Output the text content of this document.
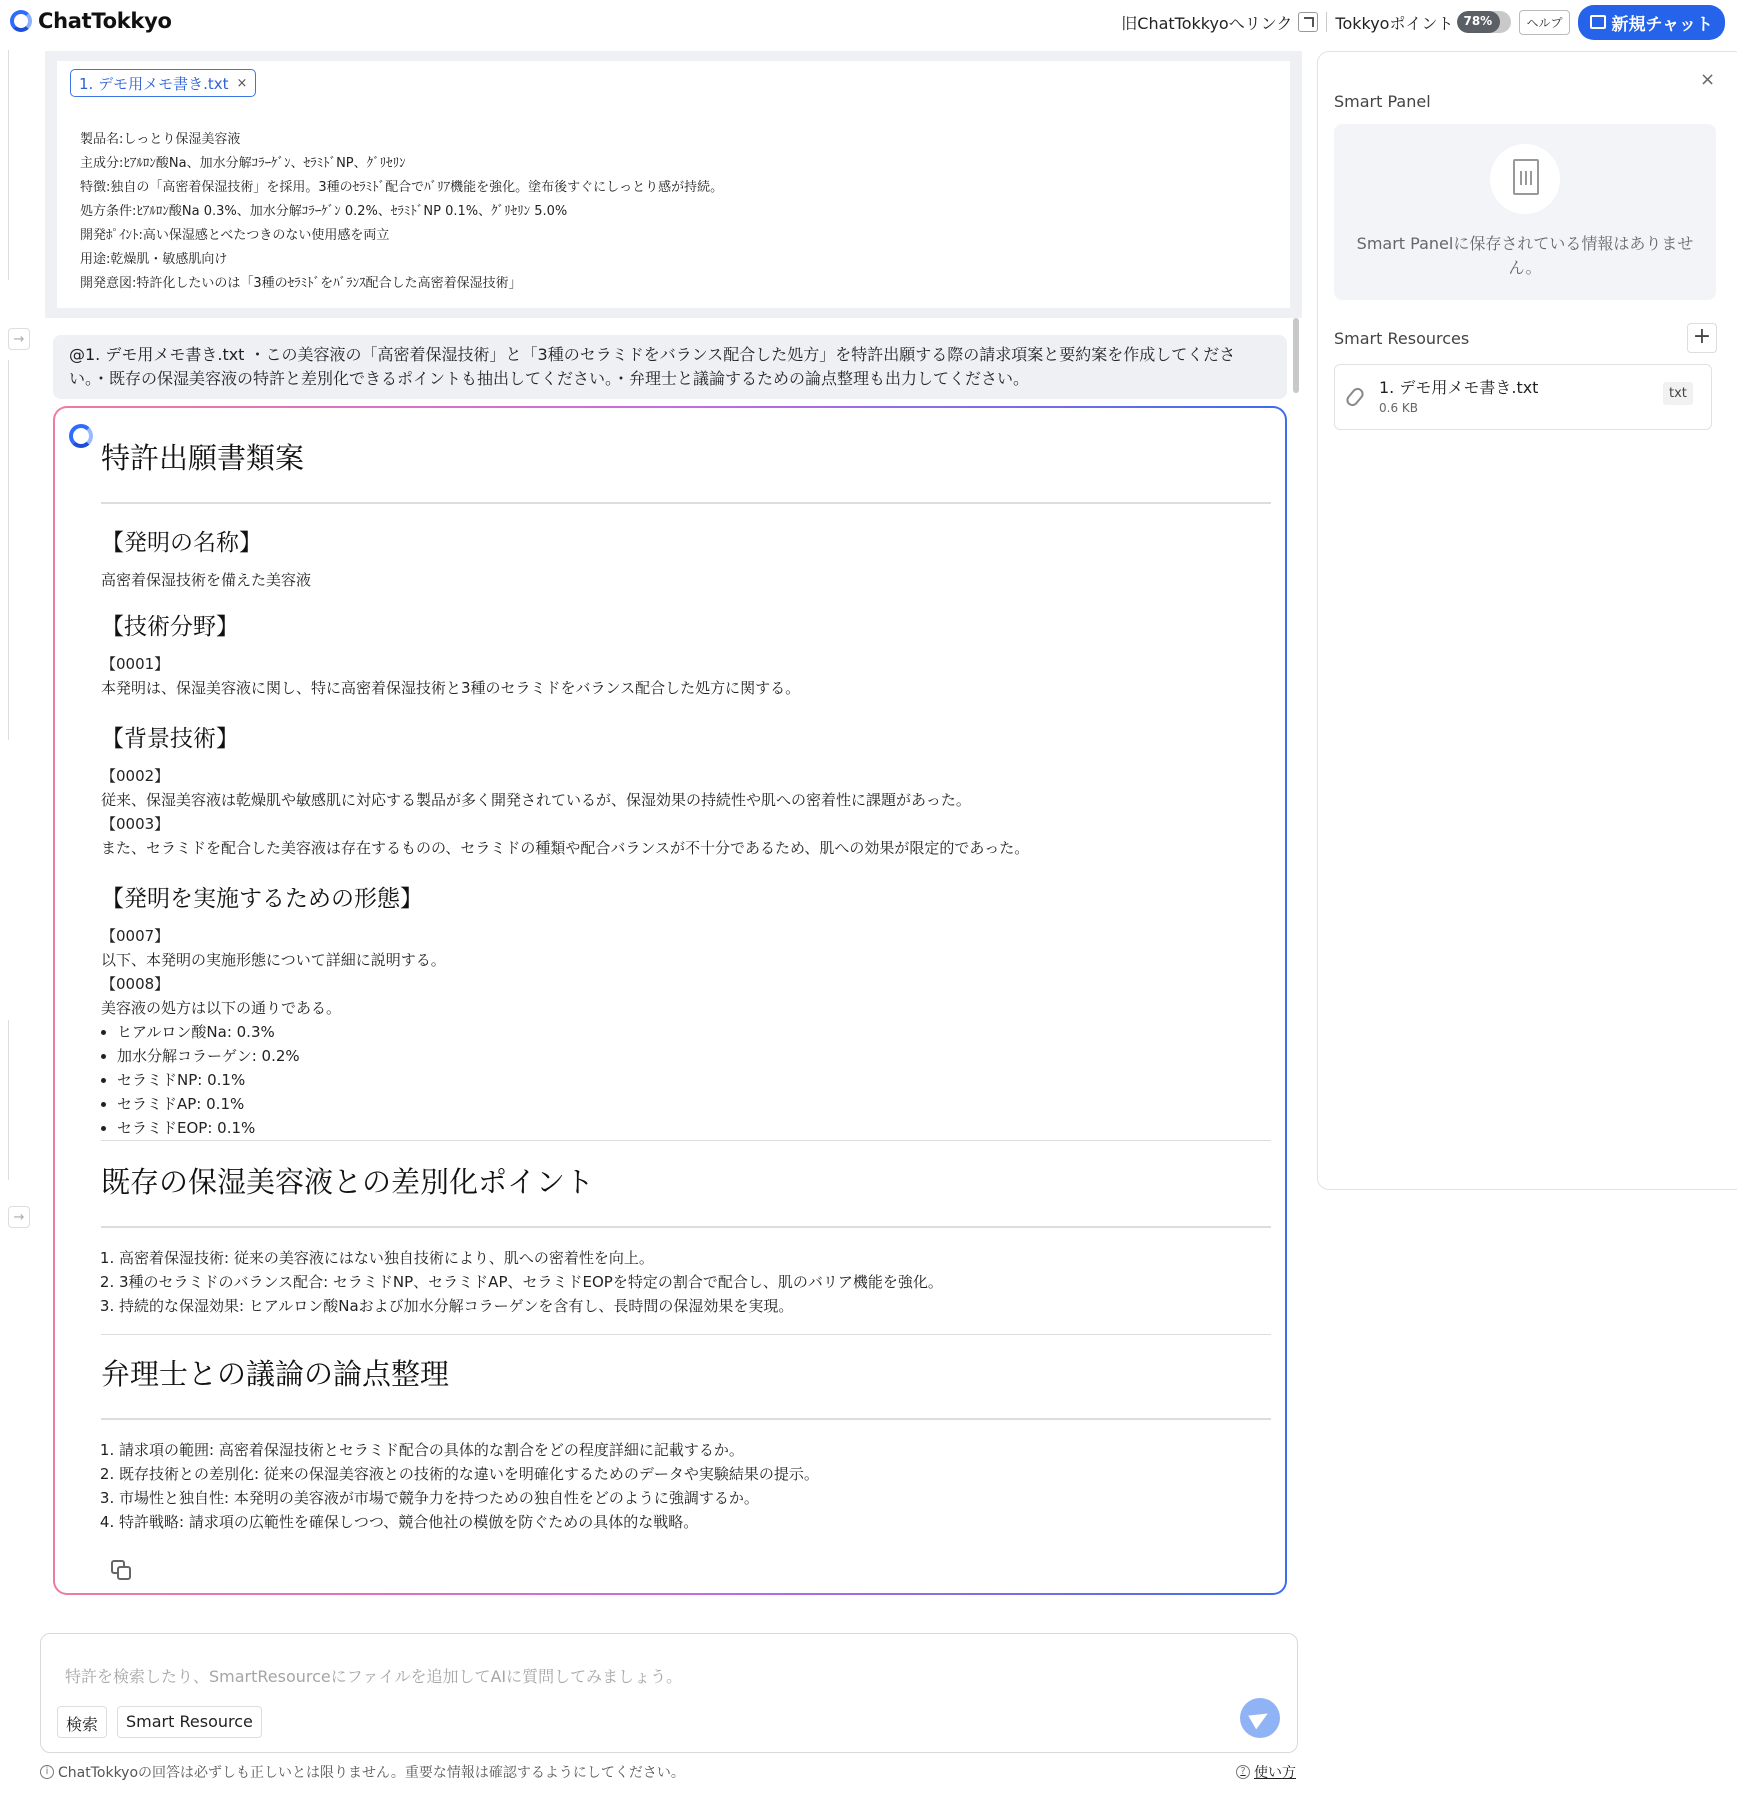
ChatTokkyo	旧ChatTokkyoへリンク	Tokkyoポイント 78%	ヘルプ	新規チャット
→
→
1. デモ用メモ書き.txt ×
製品名:しっとり保湿美容液
主成分:ﾋｱﾙﾛﾝ酸Na、加水分解ｺﾗｰｹﾞﾝ、ｾﾗﾐﾄﾞNP、ｸﾞﾘｾﾘﾝ
特徴:独自の「高密着保湿技術」を採用。3種のｾﾗﾐﾄﾞ配合でﾊﾞﾘｱ機能を強化。塗布後すぐにしっとり感が持続。
処方条件:ﾋｱﾙﾛﾝ酸Na 0.3%、加水分解ｺﾗｰｹﾞﾝ 0.2%、ｾﾗﾐﾄﾞNP 0.1%、ｸﾞﾘｾﾘﾝ 5.0%
開発ﾎﾟｲﾝﾄ:高い保湿感とべたつきのない使用感を両立
用途:乾燥肌・敏感肌向け
開発意図:特許化したいのは「3種のｾﾗﾐﾄﾞをﾊﾞﾗﾝｽ配合した高密着保湿技術」
@1. デモ用メモ書き.txt ・この美容液の「高密着保湿技術」と「3種のセラミドをバランス配合した処方」を特許出願する際の請求項案と要約案を作成してください。・既存の保湿美容液の特許と差別化できるポイントも抽出してください。・弁理士と議論するための論点整理も出力してください。
特許出願書類案
【発明の名称】
高密着保湿技術を備えた美容液
【技術分野】
【0001】
本発明は、保湿美容液に関し、特に高密着保湿技術と3種のセラミドをバランス配合した処方に関する。
【背景技術】
【0002】
従来、保湿美容液は乾燥肌や敏感肌に対応する製品が多く開発されているが、保湿効果の持続性や肌への密着性に課題があった。
【0003】
また、セラミドを配合した美容液は存在するものの、セラミドの種類や配合バランスが不十分であるため、肌への効果が限定的であった。
【発明を実施するための形態】
【0007】
以下、本発明の実施形態について詳細に説明する。
【0008】
美容液の処方は以下の通りである。
• ヒアルロン酸Na: 0.3%
• 加水分解コラーゲン: 0.2%
• セラミドNP: 0.1%
• セラミドAP: 0.1%
• セラミドEOP: 0.1%
既存の保湿美容液との差別化ポイント
1. 高密着保湿技術: 従来の美容液にはない独自技術により、肌への密着性を向上。
2. 3種のセラミドのバランス配合: セラミドNP、セラミドAP、セラミドEOPを特定の割合で配合し、肌のバリア機能を強化。
3. 持続的な保湿効果: ヒアルロン酸Naおよび加水分解コラーゲンを含有し、長時間の保湿効果を実現。
弁理士との議論の論点整理
1. 請求項の範囲: 高密着保湿技術とセラミド配合の具体的な割合をどの程度詳細に記載するか。
2. 既存技術との差別化: 従来の保湿美容液との技術的な違いを明確化するためのデータや実験結果の提示。
3. 市場性と独自性: 本発明の美容液が市場で競争力を持つための独自性をどのように強調するか。
4. 特許戦略: 請求項の広範性を確保しつつ、競合他社の模倣を防ぐための具体的な戦略。
特許を検索したり、SmartResourceにファイルを追加してAIに質問してみましょう。
検索	Smart Resource
i ChatTokkyoの回答は必ずしも正しいとは限りません。重要な情報は確認するようにしてください。	? 使い方
×
Smart Panel
Smart Panelに保存されている情報はありません。
Smart Resources	+
1. デモ用メモ書き.txt
0.6 KB
txt
